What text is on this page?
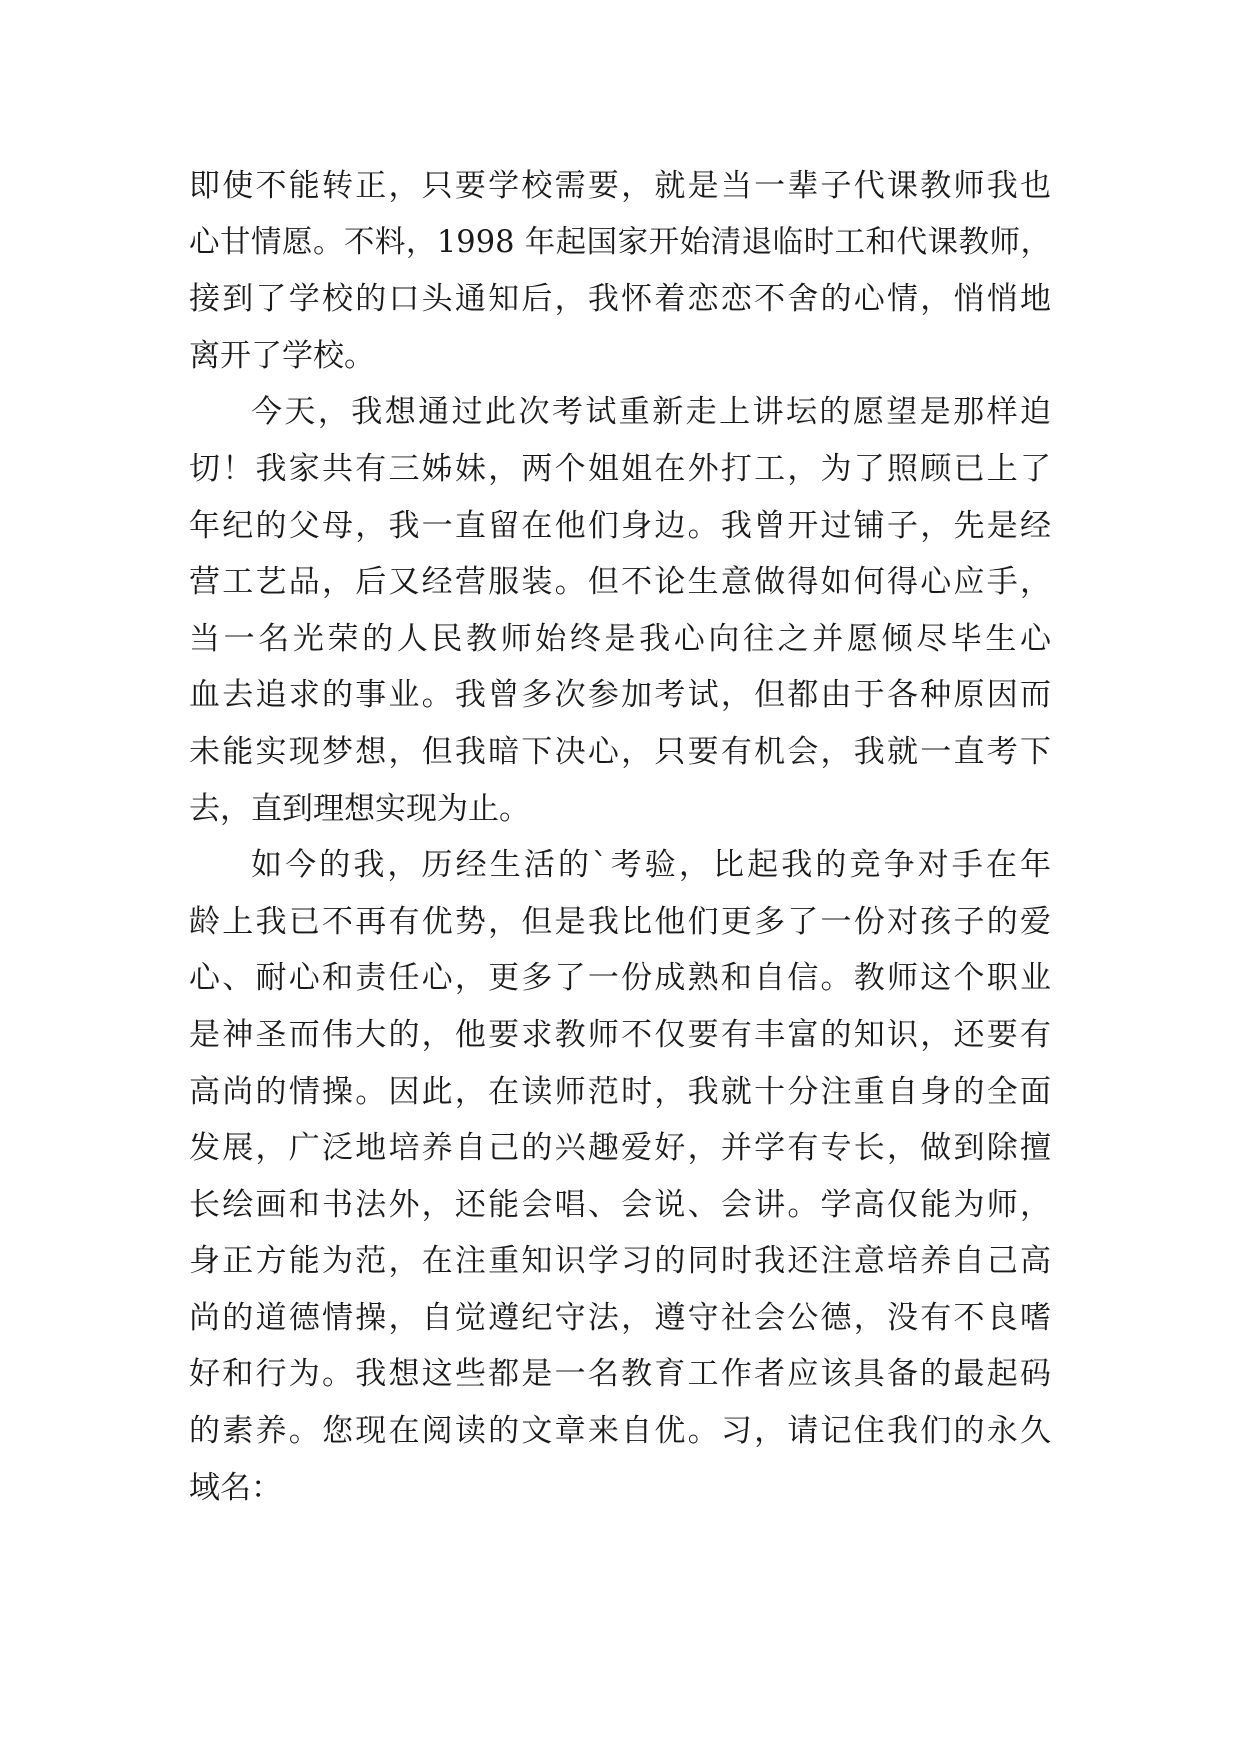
即使不能转正，只要学校需要，就是当一辈子代课教师我也
心甘情愿。不料，1998 年起国家开始清退临时工和代课教师，
接到了学校的口头通知后，我怀着恋恋不舍的心情，悄悄地
离开了学校。
今天，我想通过此次考试重新走上讲坛的愿望是那样迫
切！我家共有三姊妹，两个姐姐在外打工，为了照顾已上了
年纪的父母，我一直留在他们身边。我曾开过铺子，先是经
营工艺品，后又经营服装。但不论生意做得如何得心应手，
当一名光荣的人民教师始终是我心向往之并愿倾尽毕生心
血去追求的事业。我曾多次参加考试，但都由于各种原因而
未能实现梦想，但我暗下决心，只要有机会，我就一直考下
去，直到理想实现为止。
如今的我，历经生活的`考验，比起我的竞争对手在年
龄上我已不再有优势，但是我比他们更多了一份对孩子的爱
心、耐心和责任心，更多了一份成熟和自信。教师这个职业
是神圣而伟大的，他要求教师不仅要有丰富的知识，还要有
高尚的情操。因此，在读师范时，我就十分注重自身的全面
发展，广泛地培养自己的兴趣爱好，并学有专长，做到除擅
长绘画和书法外，还能会唱、会说、会讲。学高仅能为师，
身正方能为范，在注重知识学习的同时我还注意培养自己高
尚的道德情操，自觉遵纪守法，遵守社会公德，没有不良嗜
好和行为。我想这些都是一名教育工作者应该具备的最起码
的素养。您现在阅读的文章来自优。习，请记住我们的永久
域名：
